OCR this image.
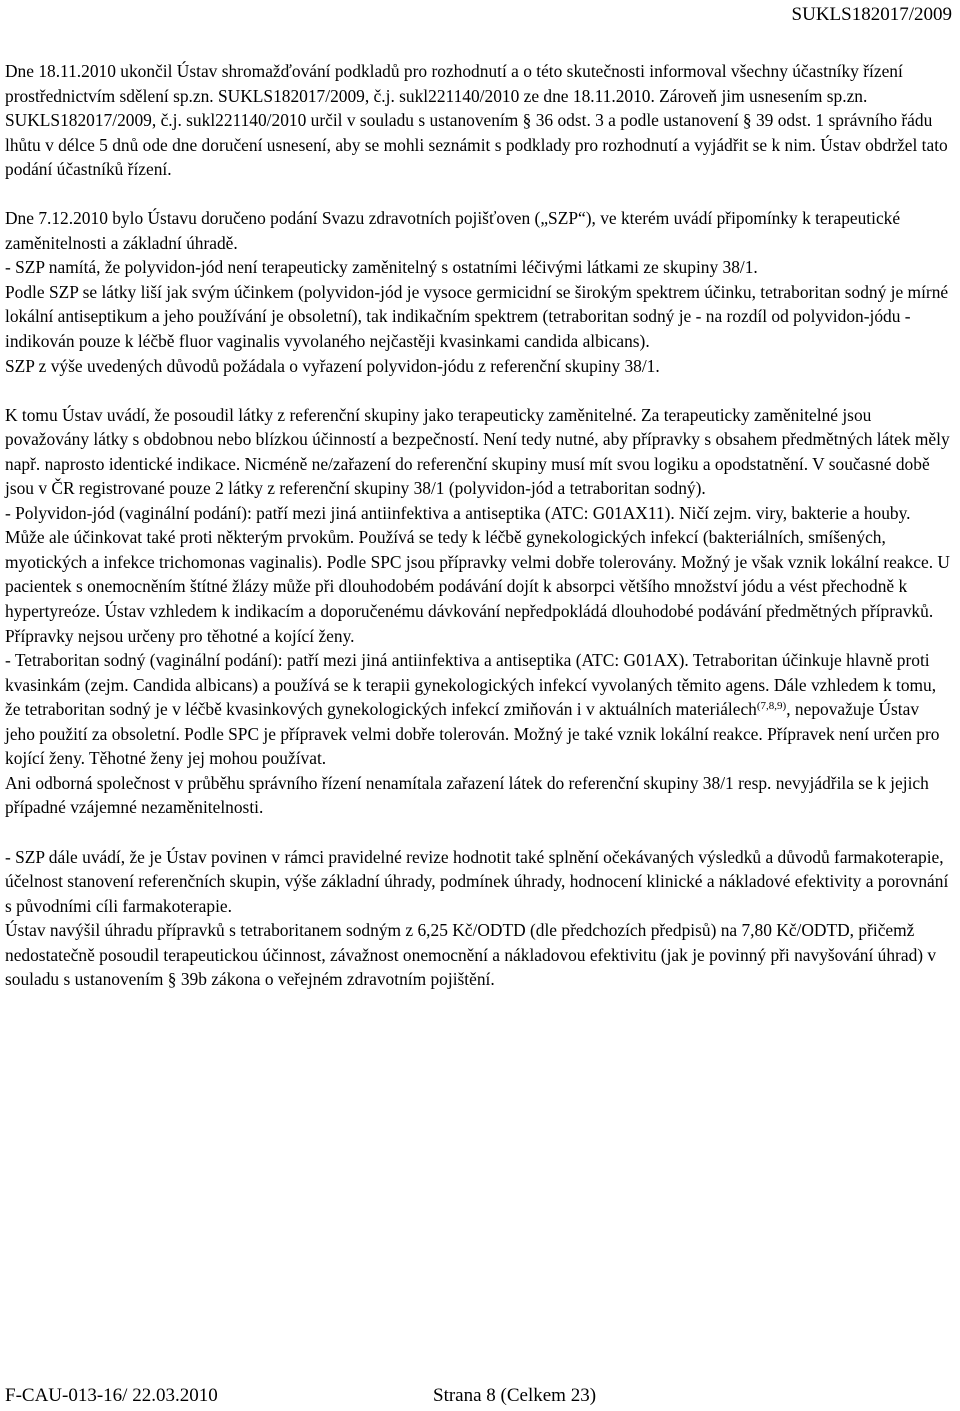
SUKLS182017/2009

Dne 18.11.2010 ukončil Ústav shromažďování podkladů pro rozhodnutí a o této skutečnosti informoval všechny účastníky řízení prostřednictvím sdělení sp.zn. SUKLS182017/2009, č.j. sukl221140/2010 ze dne 18.11.2010. Zároveň jim usnesením sp.zn. SUKLS182017/2009, č.j. sukl221140/2010 určil v souladu s ustanovením § 36 odst. 3 a podle ustanovení § 39 odst. 1 správního řádu lhůtu v délce 5 dnů ode dne doručení usnesení, aby se mohli seznámit s podklady pro rozhodnutí a vyjádřit se k nim. Ústav obdržel tato podání účastníků řízení.

Dne 7.12.2010 bylo Ústavu doručeno podání Svazu zdravotních pojišťoven („SZP“), ve kterém uvádí připomínky k terapeutické zaměnitelnosti a základní úhradě.

- SZP namítá, že polyvidon-jód není terapeuticky zaměnitelný s ostatními léčivými látkami ze skupiny 38/1.

Podle SZP se látky liší jak svým účinkem (polyvidon-jód je vysoce germicidní se širokým spektrem účinku, tetraboritan sodný je mírné lokální antiseptikum a jeho používání je obsoletní), tak indikačním spektrem (tetraboritan sodný je - na rozdíl od polyvidon-jódu - indikován pouze k léčbě fluor vaginalis vyvolaného nejčastěji kvasinkami candida albicans).

SZP z výše uvedených důvodů požádala o vyřazení polyvidon-jódu z referenční skupiny 38/1.

K tomu Ústav uvádí, že posoudil látky z referenční skupiny jako terapeuticky zaměnitelné. Za terapeuticky zaměnitelné jsou považovány látky s obdobnou nebo blízkou účinností a bezpečností. Není tedy nutné, aby přípravky s obsahem předmětných látek měly např. naprosto identické indikace. Nicméně ne/zařazení do referenční skupiny musí mít svou logiku a opodstatnění. V současné době jsou v ČR registrované pouze 2 látky z referenční skupiny 38/1 (polyvidon-jód a tetraboritan sodný).

- Polyvidon-jód (vaginální podání): patří mezi jiná antiinfektiva a antiseptika (ATC: G01AX11). Ničí zejm. viry, bakterie a houby. Může ale účinkovat také proti některým prvokům. Používá se tedy k léčbě gynekologických infekcí (bakteriálních, smíšených, myotických a infekce trichomonas vaginalis). Podle SPC jsou přípravky velmi dobře tolerovány. Možný je však vznik lokální reakce. U pacientek s onemocněním štítné žlázy může při dlouhodobém podávání dojít k absorpci většího množství jódu a vést přechodně k hypertyreóze. Ústav vzhledem k indikacím a doporučenému dávkování nepředpokládá dlouhodobé podávání předmětných přípravků. Přípravky nejsou určeny pro těhotné a kojící ženy.

- Tetraboritan sodný (vaginální podání): patří mezi jiná antiinfektiva a antiseptika (ATC: G01AX). Tetraboritan účinkuje hlavně proti kvasinkám (zejm. Candida albicans) a používá se k terapii gynekologických infekcí vyvolaných těmito agens. Dále vzhledem k tomu, že tetraboritan sodný je v léčbě kvasinkových gynekologických infekcí zmiňován i v aktuálních materiálech$^{(7,8,9)}$, nepovažuje Ústav jeho použití za obsoletní. Podle SPC je přípravek velmi dobře tolerován. Možný je také vznik lokální reakce. Přípravek není určen pro kojící ženy. Těhotné ženy jej mohou používat.

Ani odborná společnost v průběhu správního řízení nenamítala zařazení látek do referenční skupiny 38/1 resp. nevyjádřila se k jejich případné vzájemné nezaměnitelnosti.

- SZP dále uvádí, že je Ústav povinen v rámci pravidelné revize hodnotit také splnění očekávaných výsledků a důvodů farmakoterapie, účelnost stanovení referenčních skupin, výše základní úhrady, podmínek úhrady, hodnocení klinické a nákladové efektivity a porovnání s původními cíli farmakoterapie.

Ústav navýšil úhradu přípravků s tetraboritanem sodným z 6,25 Kč/ODTD (dle předchozích předpisů) na 7,80 Kč/ODTD, přičemž nedostatečně posoudil terapeutickou účinnost, závažnost onemocnění a nákladovou efektivitu (jak je povinný při navyšování úhrad) v souladu s ustanovením § 39b zákona o veřejném zdravotním pojištění.

F-CAU-013-16/ 22.03.2010	Strana 8 (Celkem 23)
